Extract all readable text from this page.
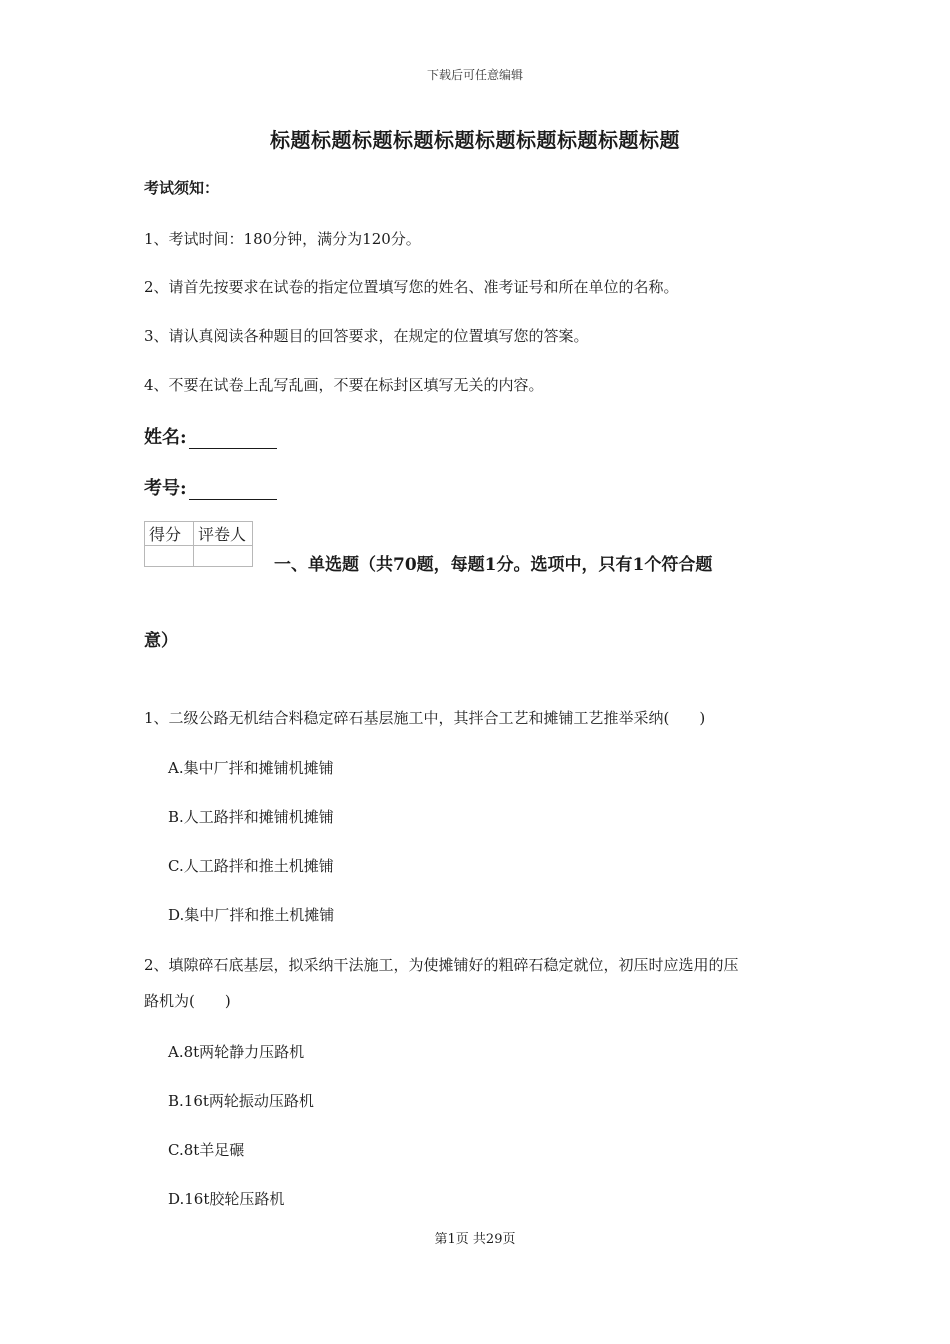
下载后可任意编辑
标题标题标题标题标题标题标题标题标题标题
考试须知：
1、考试时间：180分钟，满分为120分。
2、请首先按要求在试卷的指定位置填写您的姓名、准考证号和所在单位的名称。
3、请认真阅读各种题目的回答要求，在规定的位置填写您的答案。
4、不要在试卷上乱写乱画，不要在标封区填写无关的内容。
姓名:
考号:
得分	评卷人

一、单选题（共70题，每题1分。选项中，只有1个符合题
意）
1、二级公路无机结合料稳定碎石基层施工中，其拌合工艺和摊铺工艺推举采纳(　　)
A.集中厂拌和摊铺机摊铺
B.人工路拌和摊铺机摊铺
C.人工路拌和推土机摊铺
D.集中厂拌和推土机摊铺
2、填隙碎石底基层，拟采纳干法施工，为使摊铺好的粗碎石稳定就位，初压时应选用的压
路机为(　　)
A.8t两轮静力压路机
B.16t两轮振动压路机
C.8t羊足碾
D.16t胶轮压路机
第1页 共29页
